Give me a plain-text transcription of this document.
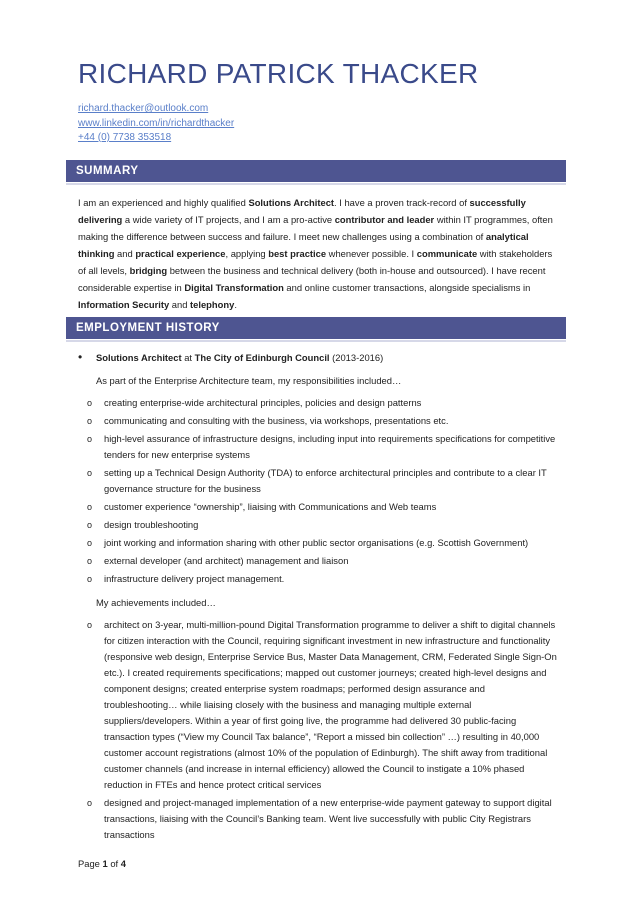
RICHARD PATRICK THACKER
richard.thacker@outlook.com
www.linkedin.com/in/richardthacker
+44 (0) 7738 353518
SUMMARY
I am an experienced and highly qualified Solutions Architect. I have a proven track-record of successfully delivering a wide variety of IT projects, and I am a pro-active contributor and leader within IT programmes, often making the difference between success and failure. I meet new challenges using a combination of analytical thinking and practical experience, applying best practice whenever possible. I communicate with stakeholders of all levels, bridging between the business and technical delivery (both in-house and outsourced). I have recent considerable expertise in Digital Transformation and online customer transactions, alongside specialisms in Information Security and telephony.
EMPLOYMENT HISTORY
• Solutions Architect at The City of Edinburgh Council (2013-2016)

As part of the Enterprise Architecture team, my responsibilities included…

o creating enterprise-wide architectural principles, policies and design patterns
o communicating and consulting with the business, via workshops, presentations etc.
o high-level assurance of infrastructure designs, including input into requirements specifications for competitive tenders for new enterprise systems
o setting up a Technical Design Authority (TDA) to enforce architectural principles and contribute to a clear IT governance structure for the business
o customer experience “ownership”, liaising with Communications and Web teams
o design troubleshooting
o joint working and information sharing with other public sector organisations (e.g. Scottish Government)
o external developer (and architect) management and liaison
o infrastructure delivery project management.

My achievements included…

o architect on 3-year, multi-million-pound Digital Transformation programme to deliver a shift to digital channels for citizen interaction with the Council, requiring significant investment in new infrastructure and functionality (responsive web design, Enterprise Service Bus, Master Data Management, CRM, Federated Single Sign-On etc.). I created requirements specifications; mapped out customer journeys; created high-level designs and component designs; created enterprise system roadmaps; performed design assurance and troubleshooting… while liaising closely with the business and managing multiple external suppliers/developers. Within a year of first going live, the programme had delivered 30 public-facing transaction types (“View my Council Tax balance”, “Report a missed bin collection” …) resulting in 40,000 customer account registrations (almost 10% of the population of Edinburgh). The shift away from traditional customer channels (and increase in internal efficiency) allowed the Council to instigate a 10% phased reduction in FTEs and hence protect critical services
o designed and project-managed implementation of a new enterprise-wide payment gateway to support digital transactions, liaising with the Council’s Banking team. Went live successfully with public City Registrars transactions
Page 1 of 4
